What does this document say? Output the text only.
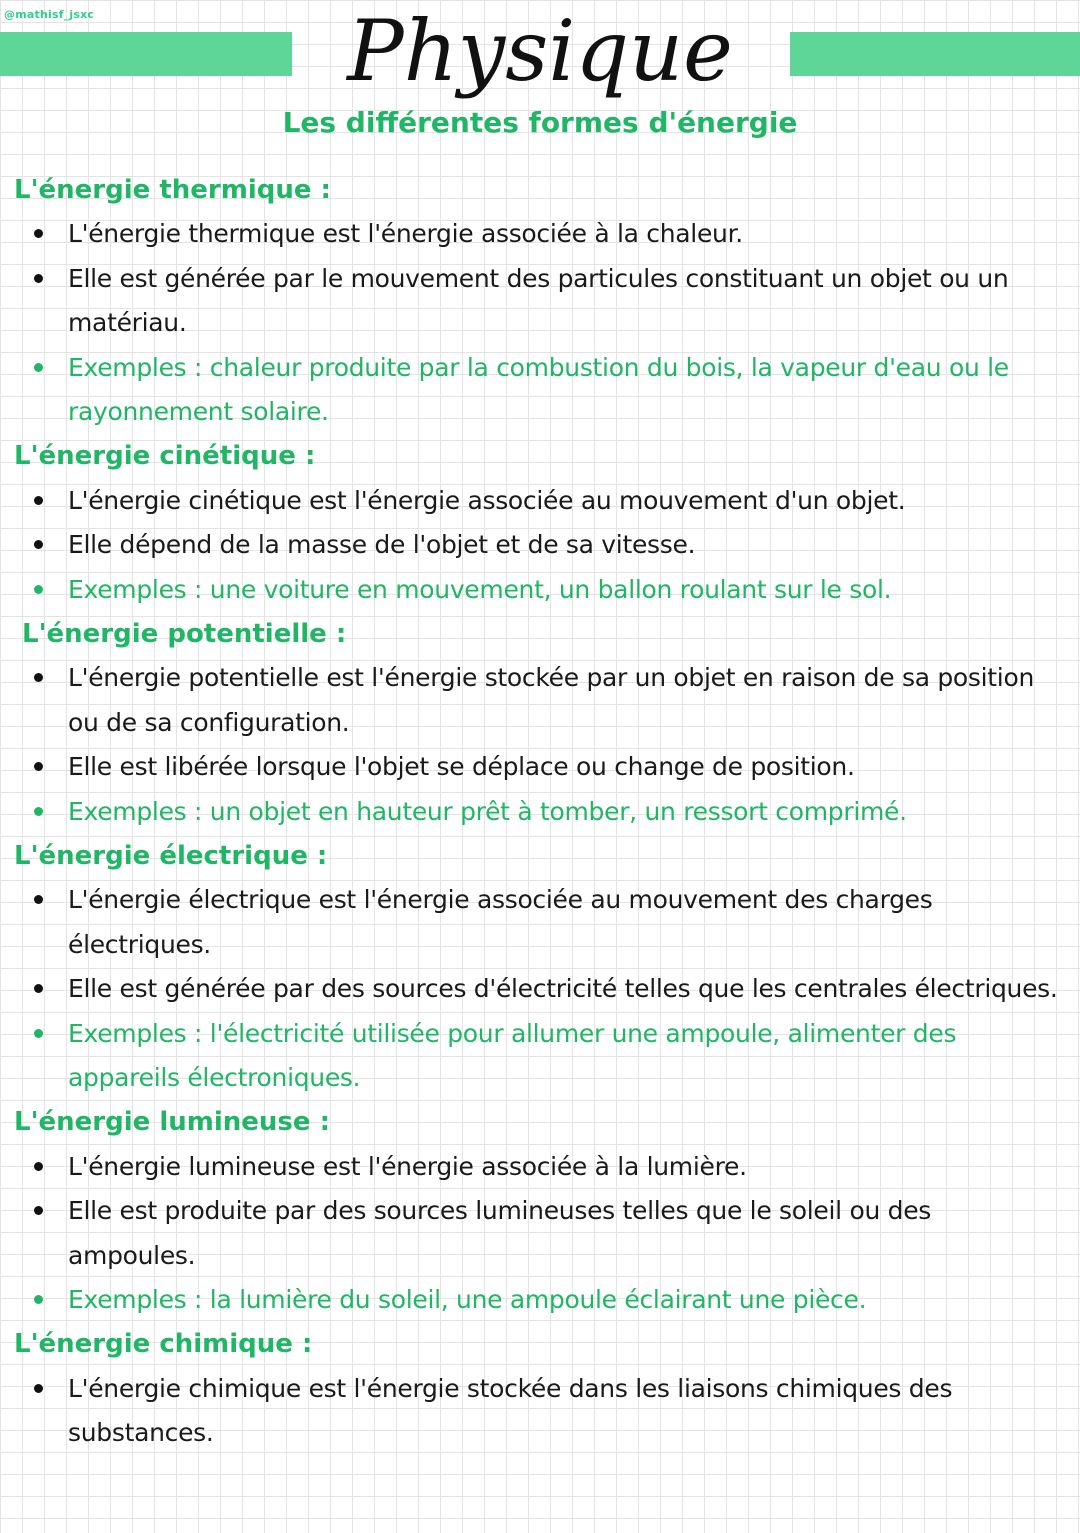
@mathisf_jsxc	Physique
Les différentes formes d'énergie
L'énergie thermique :
L'énergie thermique est l'énergie associée à la chaleur.
Elle est générée par le mouvement des particules constituant un objet ou un matériau.
Exemples : chaleur produite par la combustion du bois, la vapeur d'eau ou le rayonnement solaire.
L'énergie cinétique :
L'énergie cinétique est l'énergie associée au mouvement d'un objet.
Elle dépend de la masse de l'objet et de sa vitesse.
Exemples : une voiture en mouvement, un ballon roulant sur le sol.
L'énergie potentielle :
L'énergie potentielle est l'énergie stockée par un objet en raison de sa position ou de sa configuration.
Elle est libérée lorsque l'objet se déplace ou change de position.
Exemples : un objet en hauteur prêt à tomber, un ressort comprimé.
L'énergie électrique :
L'énergie électrique est l'énergie associée au mouvement des charges électriques.
Elle est générée par des sources d'électricité telles que les centrales électriques.
Exemples : l'électricité utilisée pour allumer une ampoule, alimenter des appareils électroniques.
L'énergie lumineuse :
L'énergie lumineuse est l'énergie associée à la lumière.
Elle est produite par des sources lumineuses telles que le soleil ou des ampoules.
Exemples : la lumière du soleil, une ampoule éclairant une pièce.
L'énergie chimique :
L'énergie chimique est l'énergie stockée dans les liaisons chimiques des substances.
